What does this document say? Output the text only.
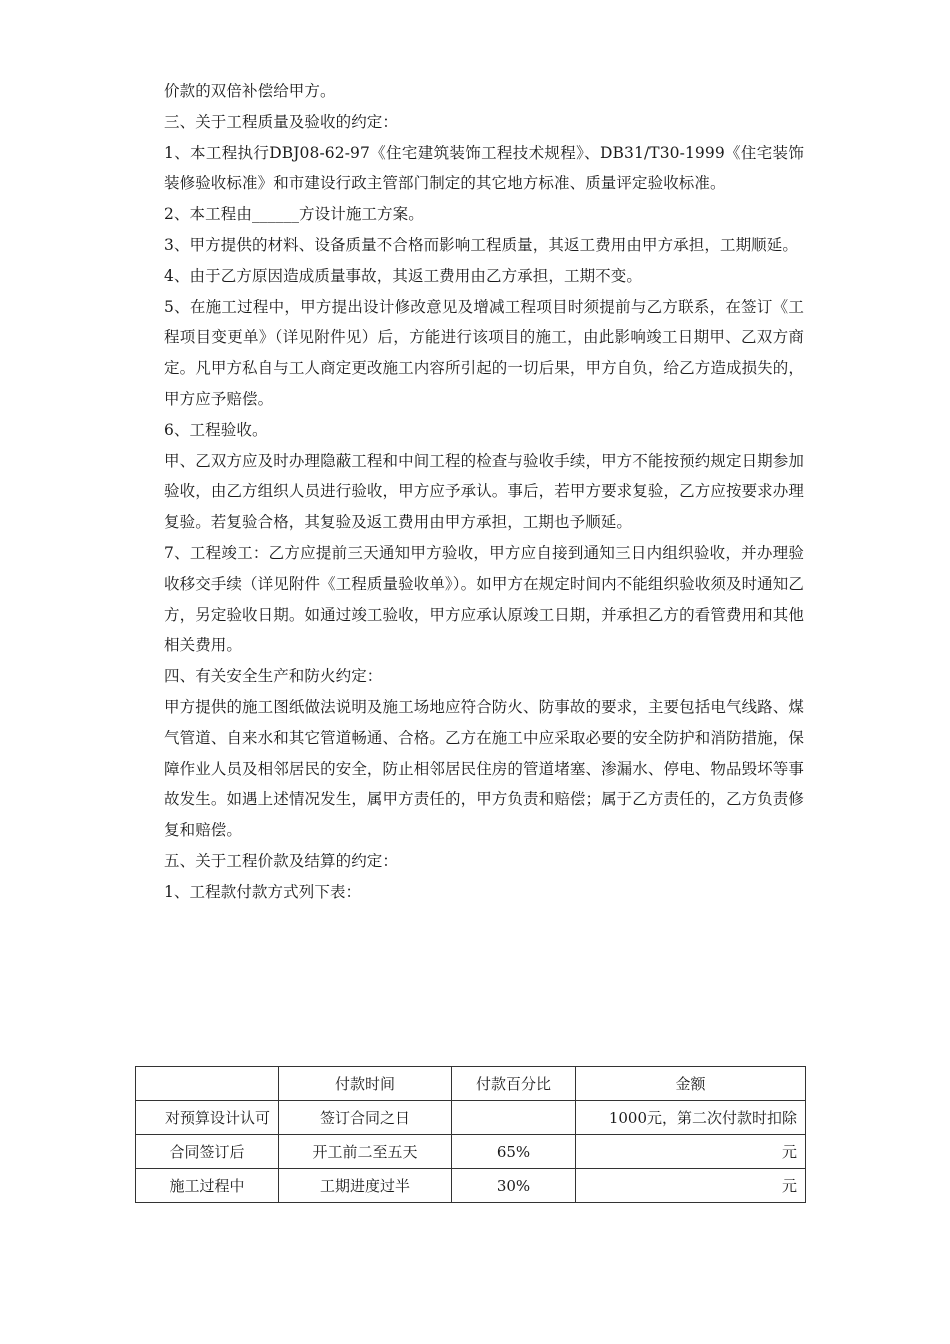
价款的双倍补偿给甲方。

三、关于工程质量及验收的约定：

1、本工程执行DBJ08-62-97《住宅建筑装饰工程技术规程》、DB31/T30-1999《住宅装饰装修验收标准》和市建设行政主管部门制定的其它地方标准、质量评定验收标准。

2、本工程由______方设计施工方案。

3、甲方提供的材料、设备质量不合格而影响工程质量，其返工费用由甲方承担，工期顺延。

4、由于乙方原因造成质量事故，其返工费用由乙方承担，工期不变。

5、在施工过程中，甲方提出设计修改意见及增减工程项目时须提前与乙方联系，在签订《工程项目变更单》（详见附件见）后，方能进行该项目的施工，由此影响竣工日期甲、乙双方商定。凡甲方私自与工人商定更改施工内容所引起的一切后果，甲方自负，给乙方造成损失的，甲方应予赔偿。

6、工程验收。

甲、乙双方应及时办理隐蔽工程和中间工程的检查与验收手续，甲方不能按预约规定日期参加验收，由乙方组织人员进行验收，甲方应予承认。事后，若甲方要求复验，乙方应按要求办理复验。若复验合格，其复验及返工费用由甲方承担，工期也予顺延。

7、工程竣工：乙方应提前三天通知甲方验收，甲方应自接到通知三日内组织验收，并办理验收移交手续（详见附件《工程质量验收单》）。如甲方在规定时间内不能组织验收须及时通知乙方，另定验收日期。如通过竣工验收，甲方应承认原竣工日期，并承担乙方的看管费用和其他相关费用。

四、有关安全生产和防火约定：

甲方提供的施工图纸做法说明及施工场地应符合防火、防事故的要求，主要包括电气线路、煤气管道、自来水和其它管道畅通、合格。乙方在施工中应采取必要的安全防护和消防措施，保障作业人员及相邻居民的安全，防止相邻居民住房的管道堵塞、渗漏水、停电、物品毁坏等事故发生。如遇上述情况发生，属甲方责任的，甲方负责和赔偿；属于乙方责任的，乙方负责修复和赔偿。

五、关于工程价款及结算的约定：

1、工程款付款方式列下表：

	付款时间	付款百分比	金额
对预算设计认可	签订合同之日		1000元，第二次付款时扣除
合同签订后	开工前二至五天	65%	元
施工过程中	工期进度过半	30%	元
